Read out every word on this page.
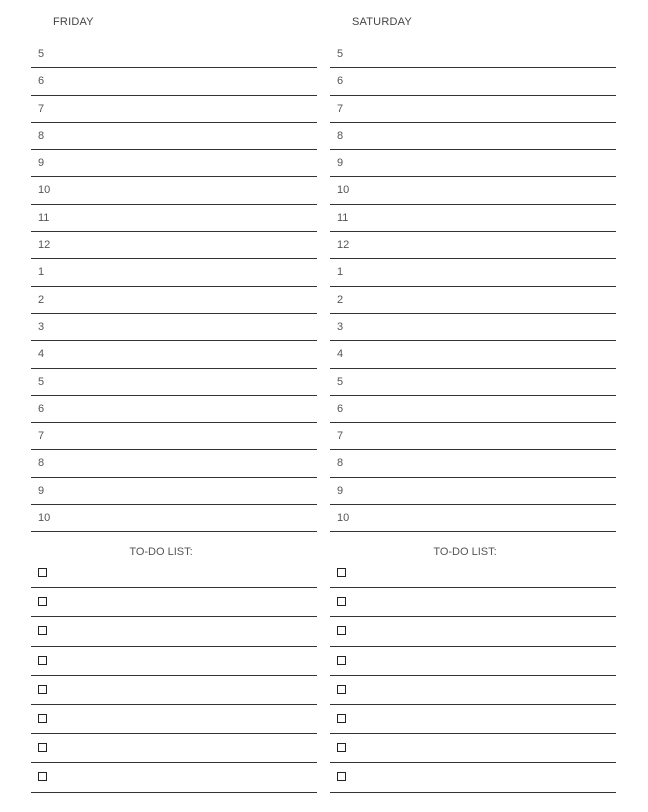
FRIDAY
5
6
7
8
9
10
11
12
1
2
3
4
5
6
7
8
9
10
TO-DO LIST:
SATURDAY
5
6
7
8
9
10
11
12
1
2
3
4
5
6
7
8
9
10
TO-DO LIST:
